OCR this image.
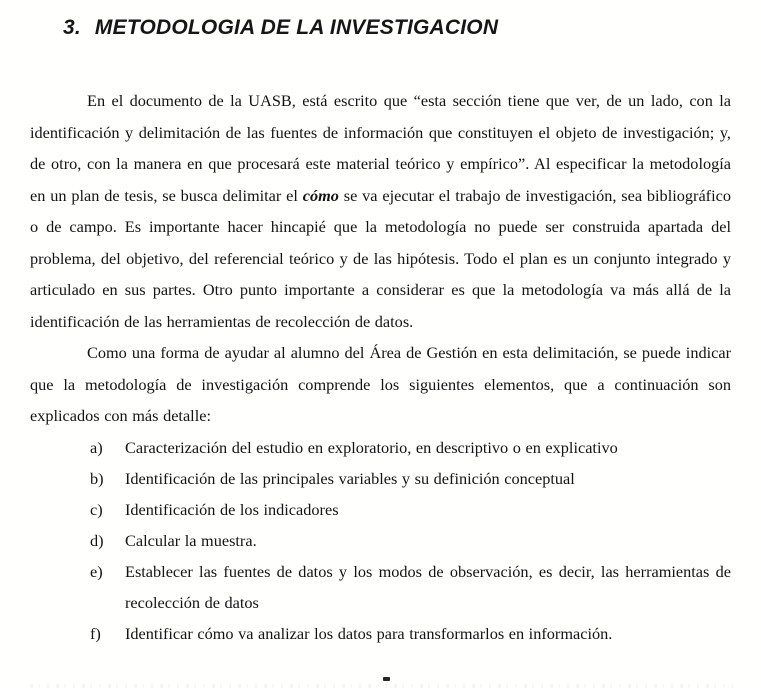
3. METODOLOGIA DE LA INVESTIGACION

En el documento de la UASB, está escrito que “esta sección tiene que ver, de un lado, con la identificación y delimitación de las fuentes de información que constituyen el objeto de investigación; y, de otro, con la manera en que procesará este material teórico y empírico”. Al especificar la metodología en un plan de tesis, se busca delimitar el cómo se va ejecutar el trabajo de investigación, sea bibliográfico o de campo. Es importante hacer hincapié que la metodología no puede ser construida apartada del problema, del objetivo, del referencial teórico y de las hipótesis. Todo el plan es un conjunto integrado y articulado en sus partes. Otro punto importante a considerar es que la metodología va más allá de la identificación de las herramientas de recolección de datos.

Como una forma de ayudar al alumno del Área de Gestión en esta delimitación, se puede indicar que la metodología de investigación comprende los siguientes elementos, que a continuación son explicados con más detalle:

a) Caracterización del estudio en exploratorio, en descriptivo o en explicativo
b) Identificación de las principales variables y su definición conceptual
c) Identificación de los indicadores
d) Calcular la muestra.
e) Establecer las fuentes de datos y los modos de observación, es decir, las herramientas de recolección de datos
f) Identificar cómo va analizar los datos para transformarlos en información.
